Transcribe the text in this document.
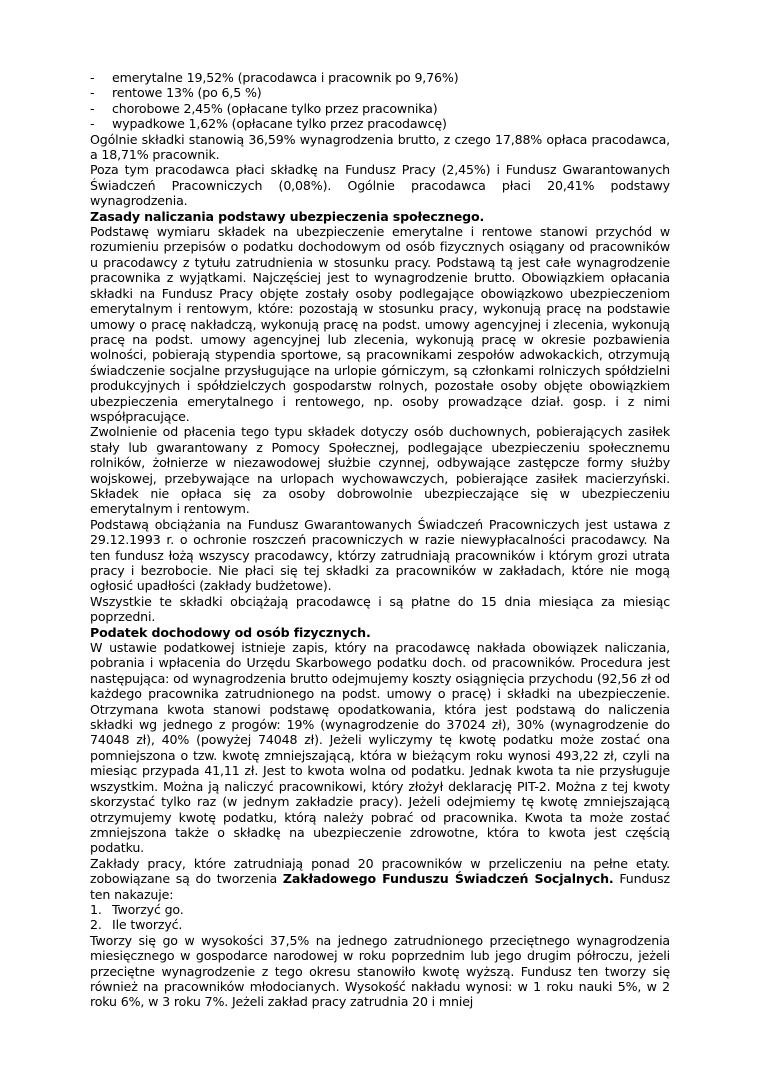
- emerytalne 19,52% (pracodawca i pracownik po 9,76%)
- rentowe 13% (po 6,5 %)
- chorobowe 2,45% (opłacane tylko przez pracownika)
- wypadkowe 1,62% (opłacane tylko przez pracodawcę)

Ogólnie składki stanowią 36,59% wynagrodzenia brutto, z czego 17,88% opłaca pracodawca, a 18,71% pracownik.

Poza tym pracodawca płaci składkę na Fundusz Pracy (2,45%) i Fundusz Gwarantowanych Świadczeń Pracowniczych (0,08%). Ogólnie pracodawca płaci 20,41% podstawy wynagrodzenia.

Zasady naliczania podstawy ubezpieczenia społecznego.

Podstawę wymiaru składek na ubezpieczenie emerytalne i rentowe stanowi przychód w rozumieniu przepisów o podatku dochodowym od osób fizycznych osiągany od pracowników u pracodawcy z tytułu zatrudnienia w stosunku pracy. Podstawą tą jest całe wynagrodzenie pracownika z wyjątkami. Najczęściej jest to wynagrodzenie brutto. Obowiązkiem opłacania składki na Fundusz Pracy objęte zostały osoby podlegające obowiązkowo ubezpieczeniom emerytalnym i rentowym, które: pozostają w stosunku pracy, wykonują pracę na podstawie umowy o pracę nakładczą, wykonują pracę na podst. umowy agencyjnej i zlecenia, wykonują pracę na podst. umowy agencyjnej lub zlecenia, wykonują pracę w okresie pozbawienia wolności, pobierają stypendia sportowe, są pracownikami zespołów adwokackich, otrzymują świadczenie socjalne przysługujące na urlopie górniczym, są członkami rolniczych spółdzielni produkcyjnych i spółdzielczych gospodarstw rolnych, pozostałe osoby objęte obowiązkiem ubezpieczenia emerytalnego i rentowego, np. osoby prowadzące dział. gosp. i z nimi współpracujące.

Zwolnienie od płacenia tego typu składek dotyczy osób duchownych, pobierających zasiłek stały lub gwarantowany z Pomocy Społecznej, podlegające ubezpieczeniu społecznemu rolników, żołnierze w niezawodowej służbie czynnej, odbywające zastępcze formy służby wojskowej, przebywające na urlopach wychowawczych, pobierające zasiłek macierzyński. Składek nie opłaca się za osoby dobrowolnie ubezpieczające się w ubezpieczeniu emerytalnym i rentowym.

Podstawą obciążania na Fundusz Gwarantowanych Świadczeń Pracowniczych jest ustawa z 29.12.1993 r. o ochronie roszczeń pracowniczych w razie niewypłacalności pracodawcy. Na ten fundusz łożą wszyscy pracodawcy, którzy zatrudniają pracowników i którym grozi utrata pracy i bezrobocie. Nie płaci się tej składki za pracowników w zakładach, które nie mogą ogłosić upadłości (zakłady budżetowe).

Wszystkie te składki obciążają pracodawcę i są płatne do 15 dnia miesiąca za miesiąc poprzedni.

Podatek dochodowy od osób fizycznych.

W ustawie podatkowej istnieje zapis, który na pracodawcę nakłada obowiązek naliczania, pobrania i wpłacenia do Urzędu Skarbowego podatku doch. od pracowników. Procedura jest następująca: od wynagrodzenia brutto odejmujemy koszty osiągnięcia przychodu (92,56 zł od każdego pracownika zatrudnionego na podst. umowy o pracę) i składki na ubezpieczenie. Otrzymana kwota stanowi podstawę opodatkowania, która jest podstawą do naliczenia składki wg jednego z progów: 19% (wynagrodzenie do 37024 zł), 30% (wynagrodzenie do 74048 zł), 40% (powyżej 74048 zł). Jeżeli wyliczymy tę kwotę podatku może zostać ona pomniejszona o tzw. kwotę zmniejszającą, która w bieżącym roku wynosi 493,22 zł, czyli na miesiąc przypada 41,11 zł. Jest to kwota wolna od podatku. Jednak kwota ta nie przysługuje wszystkim. Można ją naliczyć pracownikowi, który złożył deklarację PIT-2. Można z tej kwoty skorzystać tylko raz (w jednym zakładzie pracy). Jeżeli odejmiemy tę kwotę zmniejszającą otrzymujemy kwotę podatku, którą należy pobrać od pracownika. Kwota ta może zostać zmniejszona także o składkę na ubezpieczenie zdrowotne, która to kwota jest częścią podatku.

Zakłady pracy, które zatrudniają ponad 20 pracowników w przeliczeniu na pełne etaty. zobowiązane są do tworzenia Zakładowego Funduszu Świadczeń Socjalnych. Fundusz ten nakazuje:

1. Tworzyć go.
2. Ile tworzyć.

Tworzy się go w wysokości 37,5% na jednego zatrudnionego przeciętnego wynagrodzenia miesięcznego w gospodarce narodowej w roku poprzednim lub jego drugim półroczu, jeżeli przeciętne wynagrodzenie z tego okresu stanowiło kwotę wyższą. Fundusz ten tworzy się również na pracowników młodocianych. Wysokość nakładu wynosi: w 1 roku nauki 5%, w 2 roku 6%, w 3 roku 7%. Jeżeli zakład pracy zatrudnia 20 i mniej
